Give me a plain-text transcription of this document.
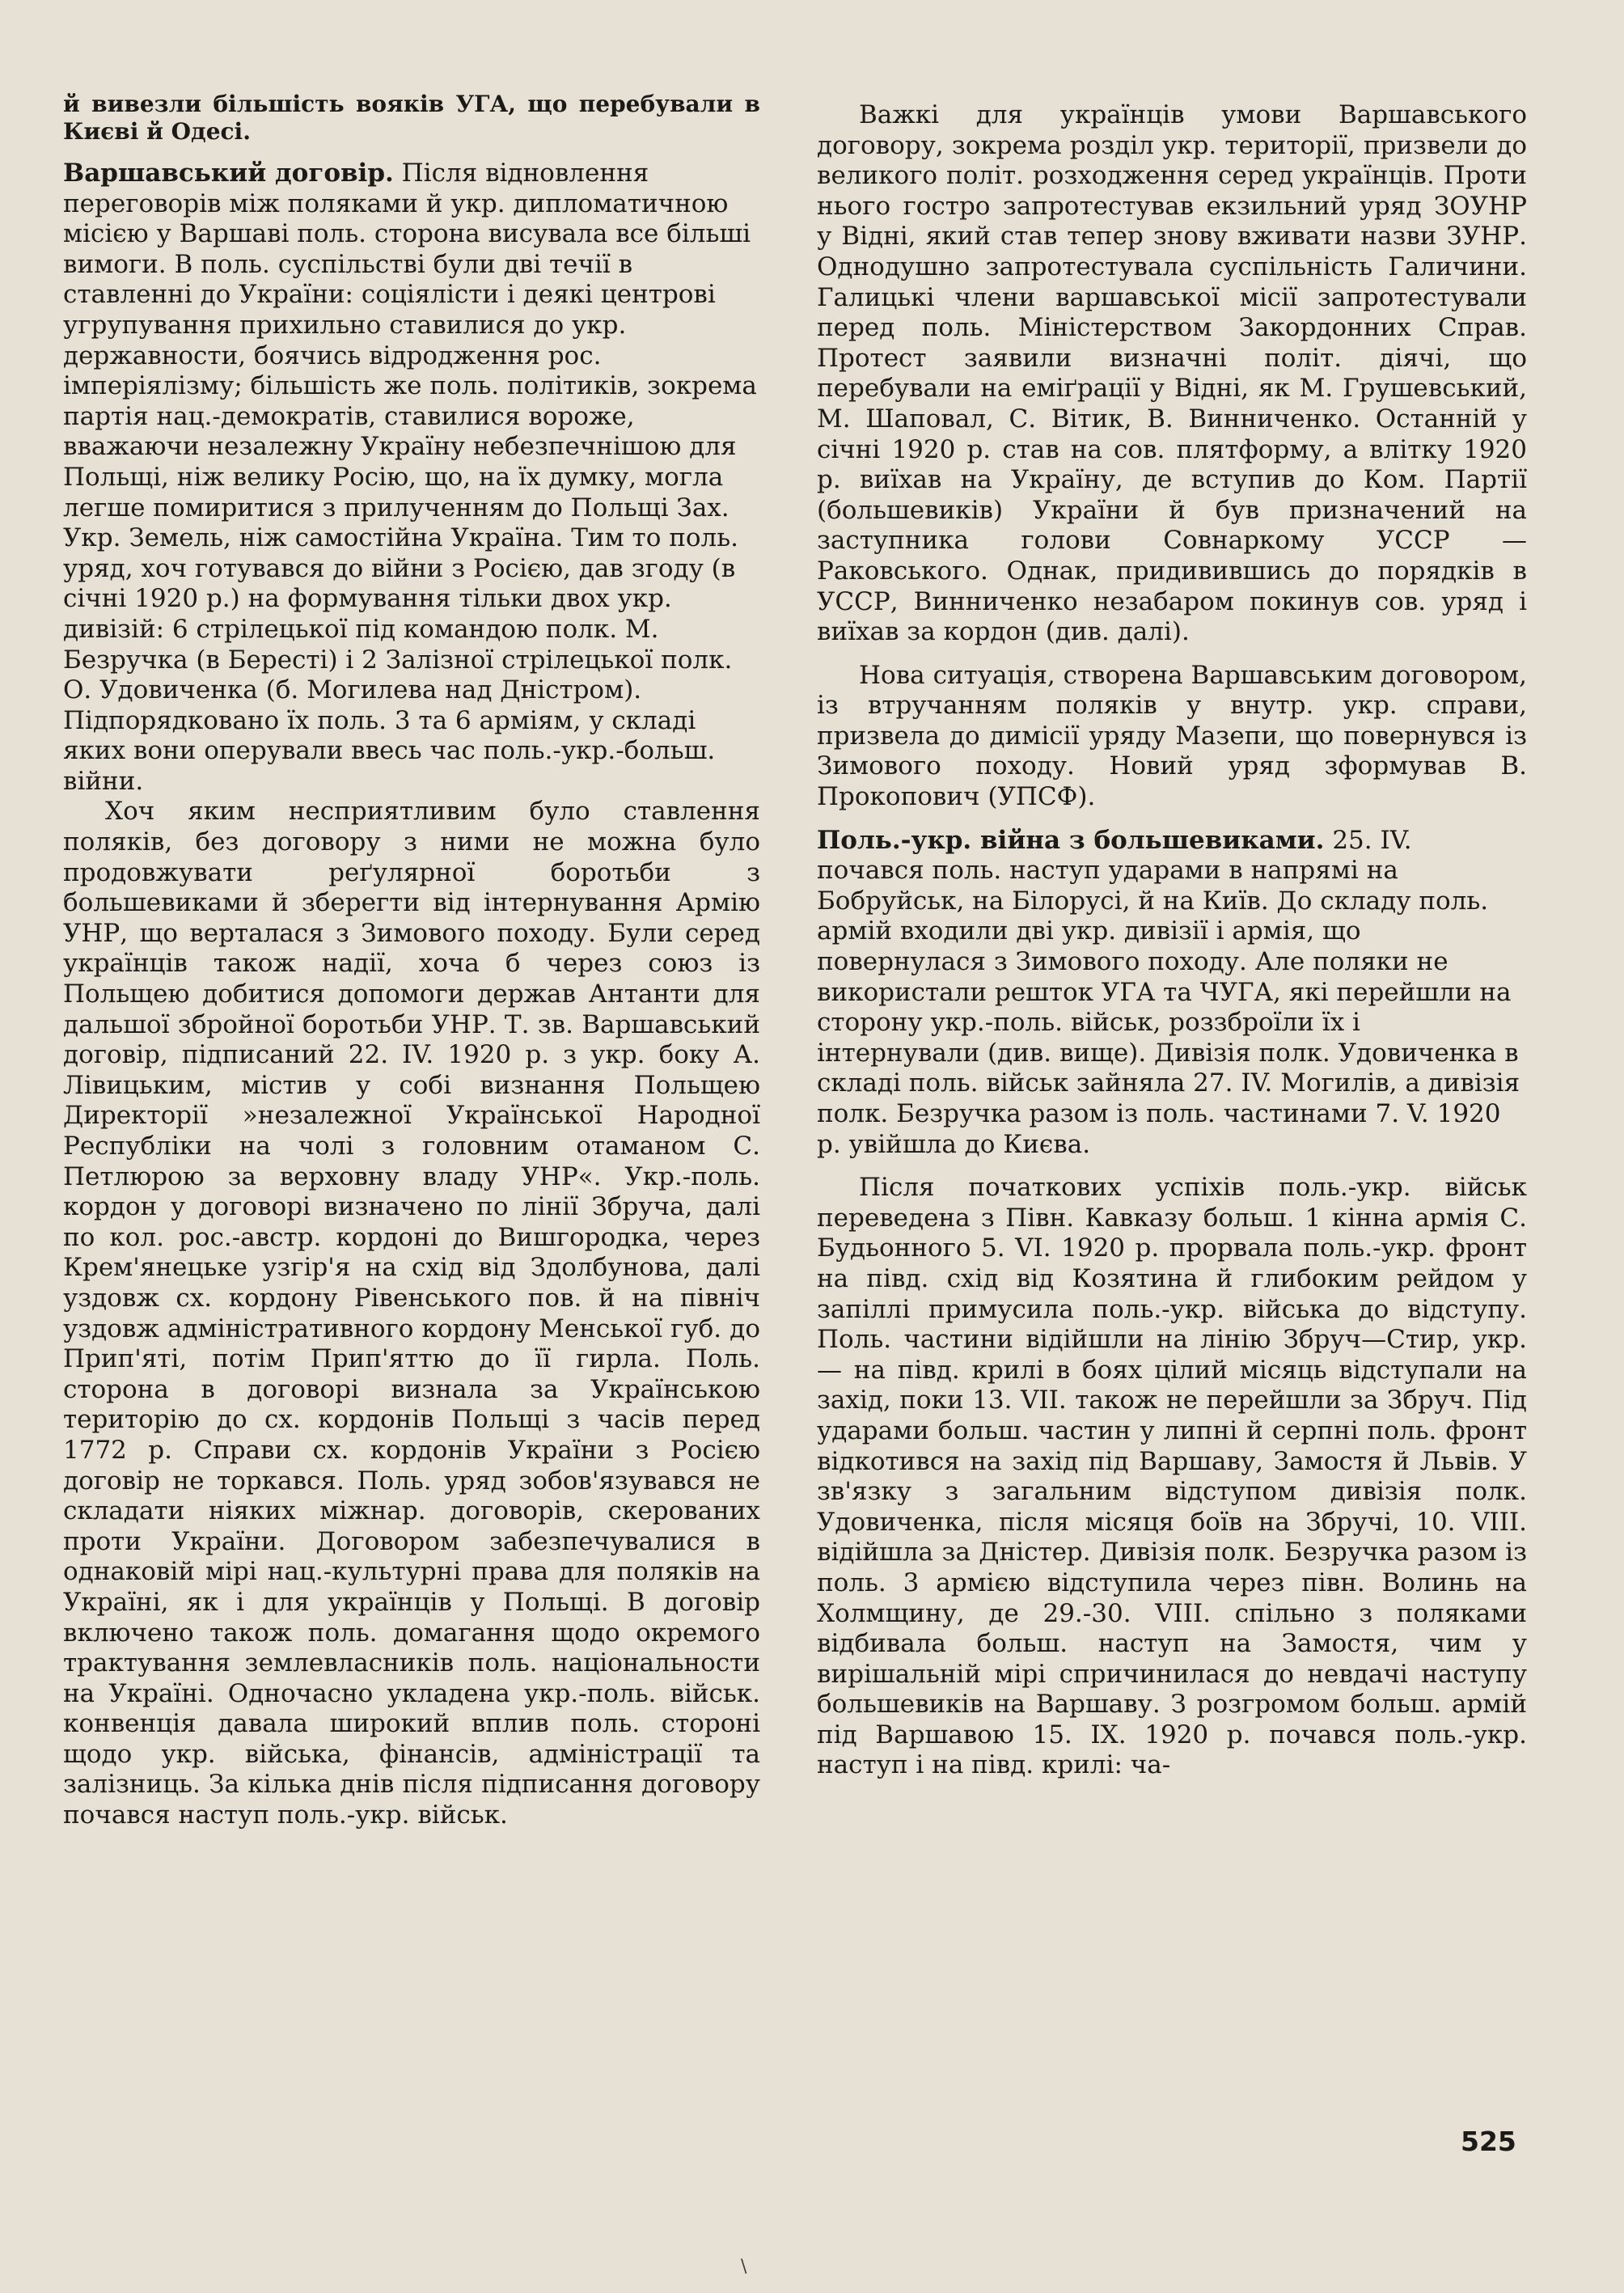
й вивезли більшість вояків УГА, що перебували в Києві й Одесі.

Варшавський договір. Після відновлення переговорів між поляками й укр. дипломатичною місією у Варшаві поль. сторона висувала все більші вимоги. В поль. суспільстві були дві течії в ставленні до України: соціялісти і деякі центрові угрупування прихильно ставилися до укр. державности, боячись відродження рос. імперіялізму; більшість же поль. політиків, зокрема партія нац.-демократів, ставилися вороже, вважаючи незалежну Україну небезпечнішою для Польщі, ніж велику Росію, що, на їх думку, могла легше помиритися з прилученням до Польщі Зах. Укр. Земель, ніж самостійна Україна. Тим то поль. уряд, хоч готувався до війни з Росією, дав згоду (в січні 1920 р.) на формування тільки двох укр. дивізій: 6 стрілецької під командою полк. М. Безручка (в Бересті) і 2 Залізної стрілецької полк. О. Удовиченка (б. Могилева над Дністром). Підпорядковано їх поль. 3 та 6 арміям, у складі яких вони оперували ввесь час поль.-укр.-больш. війни.

Хоч яким несприятливим було ставлення поляків, без договору з ними не можна було продовжувати реґулярної боротьби з большевиками й зберегти від інтернування Армію УНР, що верталася з Зимового походу. Були серед українців також надії, хоча б через союз із Польщею добитися допомоги держав Антанти для дальшої збройної боротьби УНР. Т. зв. Варшавський договір, підписаний 22. IV. 1920 р. з укр. боку А. Лівицьким, містив у собі визнання Польщею Директорії »незалежної Української Народної Республіки на чолі з головним отаманом С. Петлюрою за верховну владу УНР«. Укр.-поль. кордон у договорі визначено по лінії Збруча, далі по кол. рос.-австр. кордоні до Вишгородка, через Крем'янецьке узгір'я на схід від Здолбунова, далі уздовж сх. кордону Рівенського пов. й на північ уздовж адміністративного кордону Менської губ. до Прип'яті, потім Прип'яттю до її гирла. Поль. сторона в договорі визнала за Українською територію до сх. кордонів Польщі з часів перед 1772 р. Справи сх. кордонів України з Росією договір не торкався. Поль. уряд зобов'язувався не складати ніяких міжнар. договорів, скерованих проти України. Договором забезпечувалися в однаковій мірі нац.-культурні права для поляків на Україні, як і для українців у Польщі. В договір включено також поль. домагання щодо окремого трактування землевласників поль. національности на Україні. Одночасно укладена укр.-поль. військ. конвенція давала широкий вплив поль. стороні щодо укр. війська, фінансів, адміністрації та залізниць. За кілька днів після підписання договору почався наступ поль.-укр. військ.

Важкі для українців умови Варшавського договору, зокрема розділ укр. території, призвели до великого політ. розходження серед українців. Проти нього гостро запротестував екзильний уряд ЗОУНР у Відні, який став тепер знову вживати назви ЗУНР. Однодушно запротестувала суспільність Галичини. Галицькі члени варшавської місії запротестували перед поль. Міністерством Закордонних Справ. Протест заявили визначні політ. діячі, що перебували на еміґрації у Відні, як М. Грушевський, М. Шаповал, С. Вітик, В. Винниченко. Останній у січні 1920 р. став на сов. плятформу, а влітку 1920 р. виїхав на Україну, де вступив до Ком. Партії (большевиків) України й був призначений на заступника голови Совнаркому УССР — Раковського. Однак, придивившись до порядків в УССР, Винниченко незабаром покинув сов. уряд і виїхав за кордон (див. далі).

Нова ситуація, створена Варшавським договором, із втручанням поляків у внутр. укр. справи, призвела до димісії уряду Мазепи, що повернувся із Зимового походу. Новий уряд зформував В. Прокопович (УПСФ).

Поль.-укр. війна з большевиками. 25. IV. почався поль. наступ ударами в напрямі на Бобруйськ, на Білорусі, й на Київ. До складу поль. армій входили дві укр. дивізії і армія, що повернулася з Зимового походу. Але поляки не використали решток УГА та ЧУГА, які перейшли на сторону укр.-поль. військ, роззброїли їх і інтернували (див. вище). Дивізія полк. Удовиченка в складі поль. військ зайняла 27. IV. Могилів, а дивізія полк. Безручка разом із поль. частинами 7. V. 1920 р. увійшла до Києва.

Після початкових успіхів поль.-укр. військ переведена з Півн. Кавказу больш. 1 кінна армія С. Будьонного 5. VI. 1920 р. прорвала поль.-укр. фронт на півд. схід від Козятина й глибоким рейдом у запіллі примусила поль.-укр. війська до відступу. Поль. частини відійшли на лінію Збруч—Стир, укр. — на півд. крилі в боях цілий місяць відступали на захід, поки 13. VII. також не перейшли за Збруч. Під ударами больш. частин у липні й серпні поль. фронт відкотився на захід під Варшаву, Замостя й Львів. У зв'язку з загальним відступом дивізія полк. Удовиченка, після місяця боїв на Збручі, 10. VIII. відійшла за Дністер. Дивізія полк. Безручка разом із поль. 3 армією відступила через півн. Волинь на Холмщину, де 29.-30. VIII. спільно з поляками відбивала больш. наступ на Замостя, чим у вирішальній мірі спричинилася до невдачі наступу большевиків на Варшаву. З розгромом больш. армій під Варшавою 15. IX. 1920 р. почався поль.-укр. наступ і на півд. крилі: ча-

525
\
